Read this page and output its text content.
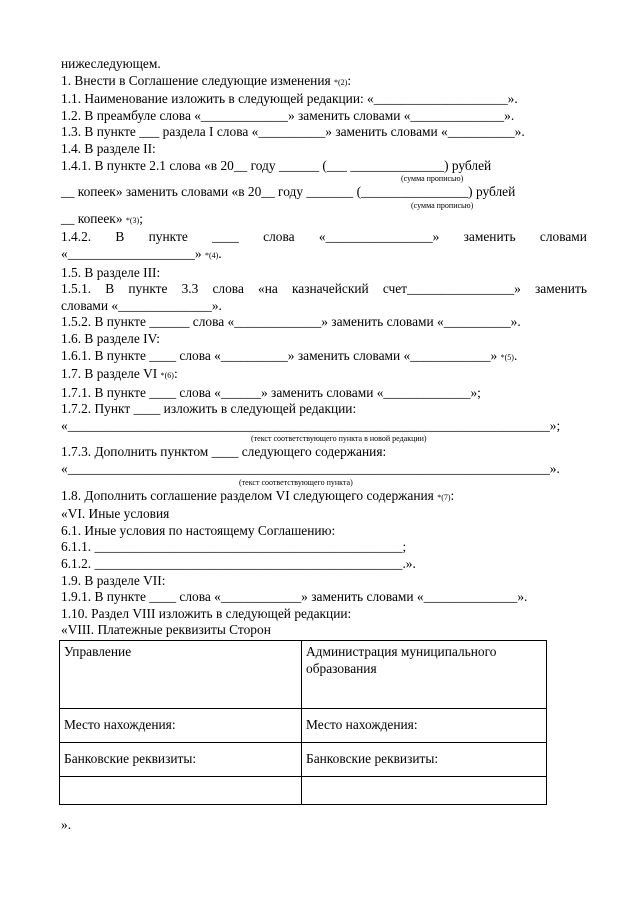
нижеследующем.
1. Внести в Соглашение следующие изменения *(2):
1.1. Наименование изложить в следующей редакции: «____________________».
1.2. В преамбуле слова «_____________» заменить словами «______________».
1.3. В пункте ___ раздела I слова «__________» заменить словами «__________».
1.4. В разделе II:
1.4.1. В пункте 2.1 слова «в 20__ году ______ (___ ______________) рублей
(сумма прописью)
__ копеек» заменить словами «в 20__ году _______ (________________) рублей
(сумма прописью)
__ копеек» *(3);
1.4.2. В пункте ____ слова «________________» заменить словами
«___________________» *(4).
1.5. В разделе III:
1.5.1. В пункте 3.3 слова «на казначейский счет________________» заменить
словами «______________».
1.5.2. В пункте ______ слова «_____________» заменить словами «__________».
1.6. В разделе IV:
1.6.1. В пункте ____ слова «__________» заменить словами «____________» *(5).
1.7. В разделе VI *(6):
1.7.1. В пункте ____ слова «______» заменить словами «_____________»;
1.7.2. Пункт ____ изложить в следующей редакции:
«________________________________________________________________________»;
(текст соответствующего пункта в новой редакции)
1.7.3. Дополнить пунктом ____ следующего содержания:
«________________________________________________________________________».
(текст соответствующего пункта)
1.8. Дополнить соглашение разделом VI следующего содержания *(7):
«VI. Иные условия
6.1. Иные условия по настоящему Соглашению:
6.1.1. ______________________________________________;
6.1.2. ______________________________________________.».
1.9. В разделе VII:
1.9.1. В пункте ____ слова «____________» заменить словами «______________».
1.10. Раздел VIII изложить в следующей редакции:
«VIII. Платежные реквизиты Сторон
Управление	Администрация муниципального образования
Место нахождения:	Место нахождения:
Банковские реквизиты:	Банковские реквизиты:

».
